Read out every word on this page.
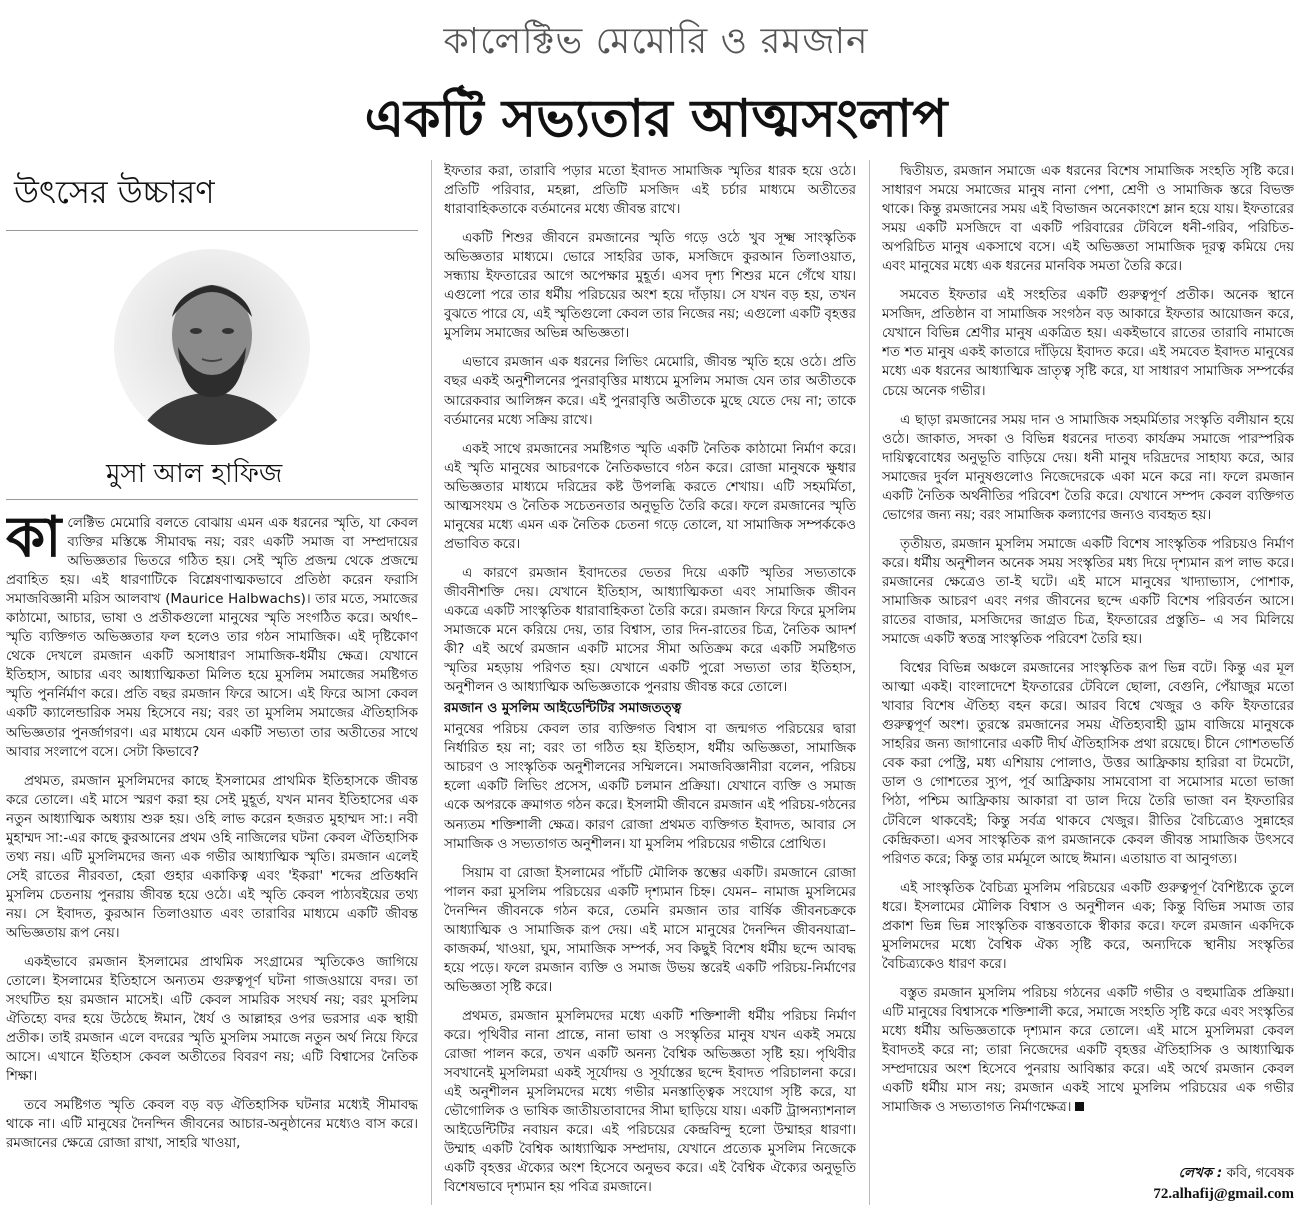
কালেক্টিভ মেমোরি ও রমজান
একটি সভ্যতার আত্মসংলাপ
উৎসের উচ্চারণ
মুসা আল হাফিজ

কালেক্টিভ মেমোরি বলতে বোঝায় এমন এক ধরনের স্মৃতি, যা কেবল ব্যক্তির মস্তিষ্কে সীমাবদ্ধ নয়; বরং একটি সমাজ বা সম্প্রদায়ের অভিজ্ঞতার ভিতরে গঠিত হয়। সেই স্মৃতি প্রজন্ম থেকে প্রজন্মে প্রবাহিত হয়। এই ধারণাটিকে বিশ্লেষণাত্মকভাবে প্রতিষ্ঠা করেন ফরাসি সমাজবিজ্ঞানী মরিস আলবাখ (Maurice Halbwachs)। তার মতে, সমাজের কাঠামো, আচার, ভাষা ও প্রতীকগুলো মানুষের স্মৃতি সংগঠিত করে। অর্থাৎ– স্মৃতি ব্যক্তিগত অভিজ্ঞতার ফল হলেও তার গঠন সামাজিক। এই দৃষ্টিকোণ থেকে দেখলে রমজান একটি অসাধারণ সামাজিক-ধর্মীয় ক্ষেত্র। যেখানে ইতিহাস, আচার এবং আধ্যাত্মিকতা মিলিত হয়ে মুসলিম সমাজের সমষ্টিগত স্মৃতি পুনর্নির্মাণ করে। প্রতি বছর রমজান ফিরে আসে। এই ফিরে আসা কেবল একটি ক্যালেন্ডারিক সময় হিসেবে নয়; বরং তা মুসলিম সমাজের ঐতিহাসিক অভিজ্ঞতার পুনর্জাগরণ। এর মাধ্যমে যেন একটি সভ্যতা তার অতীতের সাথে আবার সংলাপে বসে। সেটা কিভাবে?

প্রথমত, রমজান মুসলিমদের কাছে ইসলামের প্রাথমিক ইতিহাসকে জীবন্ত করে তোলে। এই মাসে স্মরণ করা হয় সেই মুহূর্ত, যখন মানব ইতিহাসের এক নতুন আধ্যাত্মিক অধ্যায় শুরু হয়। ওহি লাভ করেন হজরত মুহাম্মদ সা:। নবী মুহাম্মদ সা:-এর কাছে কুরআনের প্রথম ওহি নাজিলের ঘটনা কেবল ঐতিহাসিক তথ্য নয়। এটি মুসলিমদের জন্য এক গভীর আধ্যাত্মিক স্মৃতি। রমজান এলেই সেই রাতের নীরবতা, হেরা গুহার একাকিত্ব এবং 'ইকরা' শব্দের প্রতিধ্বনি মুসলিম চেতনায় পুনরায় জীবন্ত হয়ে ওঠে। এই স্মৃতি কেবল পাঠ্যবইয়ের তথ্য নয়। সে ইবাদত, কুরআন তিলাওয়াত এবং তারাবির মাধ্যমে একটি জীবন্ত অভিজ্ঞতায় রূপ নেয়।

একইভাবে রমজান ইসলামের প্রাথমিক সংগ্রামের স্মৃতিকেও জাগিয়ে তোলে। ইসলামের ইতিহাসে অন্যতম গুরুত্বপূর্ণ ঘটনা গাজওয়ায়ে বদর। তা সংঘটিত হয় রমজান মাসেই। এটি কেবল সামরিক সংঘর্ষ নয়; বরং মুসলিম ঐতিহ্যে বদর হয়ে উঠেছে ঈমান, ধৈর্য ও আল্লাহর ওপর ভরসার এক স্থায়ী প্রতীক। তাই রমজান এলে বদরের স্মৃতি মুসলিম সমাজে নতুন অর্থ নিয়ে ফিরে আসে। এখানে ইতিহাস কেবল অতীতের বিবরণ নয়; এটি বিশ্বাসের নৈতিক শিক্ষা।

তবে সমষ্টিগত স্মৃতি কেবল বড় বড় ঐতিহাসিক ঘটনার মধ্যেই সীমাবদ্ধ থাকে না। এটি মানুষের দৈনন্দিন জীবনের আচার-অনুষ্ঠানের মধ্যেও বাস করে। রমজানের ক্ষেত্রে রোজা রাখা, সাহরি খাওয়া,

ইফতার করা, তারাবি পড়ার মতো ইবাদত সামাজিক স্মৃতির ধারক হয়ে ওঠে। প্রতিটি পরিবার, মহল্লা, প্রতিটি মসজিদ এই চর্চার মাধ্যমে অতীতের ধারাবাহিকতাকে বর্তমানের মধ্যে জীবন্ত রাখে।

একটি শিশুর জীবনে রমজানের স্মৃতি গড়ে ওঠে খুব সূক্ষ্ম সাংস্কৃতিক অভিজ্ঞতার মাধ্যমে। ভোরে সাহরির ডাক, মসজিদে কুরআন তিলাওয়াত, সন্ধ্যায় ইফতারের আগে অপেক্ষার মুহূর্ত। এসব দৃশ্য শিশুর মনে গেঁথে যায়। এগুলো পরে তার ধর্মীয় পরিচয়ের অংশ হয়ে দাঁড়ায়। সে যখন বড় হয়, তখন বুঝতে পারে যে, এই স্মৃতিগুলো কেবল তার নিজের নয়; এগুলো একটি বৃহত্তর মুসলিম সমাজের অভিন্ন অভিজ্ঞতা।

এভাবে রমজান এক ধরনের লিভিং মেমোরি, জীবন্ত স্মৃতি হয়ে ওঠে। প্রতি বছর একই অনুশীলনের পুনরাবৃত্তির মাধ্যমে মুসলিম সমাজ যেন তার অতীতকে আরেকবার আলিঙ্গন করে। এই পুনরাবৃত্তি অতীতকে মুছে যেতে দেয় না; তাকে বর্তমানের মধ্যে সক্রিয় রাখে।

একই সাথে রমজানের সমষ্টিগত স্মৃতি একটি নৈতিক কাঠামো নির্মাণ করে। এই স্মৃতি মানুষের আচরণকে নৈতিকভাবে গঠন করে। রোজা মানুষকে ক্ষুধার অভিজ্ঞতার মাধ্যমে দরিদ্রের কষ্ট উপলব্ধি করতে শেখায়। এটি সহমর্মিতা, আত্মসংযম ও নৈতিক সচেতনতার অনুভূতি তৈরি করে। ফলে রমজানের স্মৃতি মানুষের মধ্যে এমন এক নৈতিক চেতনা গড়ে তোলে, যা সামাজিক সম্পর্ককেও প্রভাবিত করে।

এ কারণে রমজান ইবাদতের ভেতর দিয়ে একটি স্মৃতির সভ্যতাকে জীবনীশক্তি দেয়। যেখানে ইতিহাস, আধ্যাত্মিকতা এবং সামাজিক জীবন একত্রে একটি সাংস্কৃতিক ধারাবাহিকতা তৈরি করে। রমজান ফিরে ফিরে মুসলিম সমাজকে মনে করিয়ে দেয়, তার বিশ্বাস, তার দিন-রাতের চিত্র, নৈতিক আদর্শ কী? এই অর্থে রমজান একটি মাসের সীমা অতিক্রম করে একটি সমষ্টিগত স্মৃতির মহড়ায় পরিণত হয়। যেখানে একটি পুরো সভ্যতা তার ইতিহাস, অনুশীলন ও আধ্যাত্মিক অভিজ্ঞতাকে পুনরায় জীবন্ত করে তোলে।

রমজান ও মুসলিম আইডেন্টিটির সমাজতত্ত্ব

মানুষের পরিচয় কেবল তার ব্যক্তিগত বিশ্বাস বা জন্মগত পরিচয়ের দ্বারা নির্ধারিত হয় না; বরং তা গঠিত হয় ইতিহাস, ধর্মীয় অভিজ্ঞতা, সামাজিক আচরণ ও সাংস্কৃতিক অনুশীলনের সম্মিলনে। সমাজবিজ্ঞানীরা বলেন, পরিচয় হলো একটি লিভিং প্রসেস, একটি চলমান প্রক্রিয়া। যেখানে ব্যক্তি ও সমাজ একে অপরকে ক্রমাগত গঠন করে। ইসলামী জীবনে রমজান এই পরিচয়-গঠনের অন্যতম শক্তিশালী ক্ষেত্র। কারণ রোজা প্রথমত ব্যক্তিগত ইবাদত, আবার সে সামাজিক ও সভ্যতাগত অনুশীলন। যা মুসলিম পরিচয়ের গভীরে প্রোথিত।

সিয়াম বা রোজা ইসলামের পাঁচটি মৌলিক স্তম্ভের একটি। রমজানে রোজা পালন করা মুসলিম পরিচয়ের একটি দৃশ্যমান চিহ্ন। যেমন– নামাজ মুসলিমের দৈনন্দিন জীবনকে গঠন করে, তেমনি রমজান তার বার্ষিক জীবনচক্রকে আধ্যাত্মিক ও সামাজিক রূপ দেয়। এই মাসে মানুষের দৈনন্দিন জীবনযাত্রা– কাজকর্ম, খাওয়া, ঘুম, সামাজিক সম্পর্ক, সব কিছুই বিশেষ ধর্মীয় ছন্দে আবদ্ধ হয়ে পড়ে। ফলে রমজান ব্যক্তি ও সমাজ উভয় স্তরেই একটি পরিচয়-নির্মাণের অভিজ্ঞতা সৃষ্টি করে।

প্রথমত, রমজান মুসলিমদের মধ্যে একটি শক্তিশালী ধর্মীয় পরিচয় নির্মাণ করে। পৃথিবীর নানা প্রান্তে, নানা ভাষা ও সংস্কৃতির মানুষ যখন একই সময়ে রোজা পালন করে, তখন একটি অনন্য বৈশ্বিক অভিজ্ঞতা সৃষ্টি হয়। পৃথিবীর সবখানেই মুসলিমরা একই সূর্যোদয় ও সূর্যাস্তের ছন্দে ইবাদত পরিচালনা করে। এই অনুশীলন মুসলিমদের মধ্যে গভীর মনস্তাত্ত্বিক সংযোগ সৃষ্টি করে, যা ভৌগোলিক ও ভাষিক জাতীয়তাবাদের সীমা ছাড়িয়ে যায়। একটি ট্রান্সন্যাশনাল আইডেন্টিটির নবায়ন করে। এই পরিচয়ের কেন্দ্রবিন্দু হলো উম্মাহর ধারণা। উম্মাহ একটি বৈশ্বিক আধ্যাত্মিক সম্প্রদায়, যেখানে প্রত্যেক মুসলিম নিজেকে একটি বৃহত্তর ঐক্যের অংশ হিসেবে অনুভব করে। এই বৈশ্বিক ঐক্যের অনুভূতি বিশেষভাবে দৃশ্যমান হয় পবিত্র রমজানে।

দ্বিতীয়ত, রমজান সমাজে এক ধরনের বিশেষ সামাজিক সংহতি সৃষ্টি করে। সাধারণ সময়ে সমাজের মানুষ নানা পেশা, শ্রেণী ও সামাজিক স্তরে বিভক্ত থাকে। কিন্তু রমজানের সময় এই বিভাজন অনেকাংশে ম্লান হয়ে যায়। ইফতারের সময় একটি মসজিদে বা একটি পরিবারের টেবিলে ধনী-গরিব, পরিচিত-অপরিচিত মানুষ একসাথে বসে। এই অভিজ্ঞতা সামাজিক দূরত্ব কমিয়ে দেয় এবং মানুষের মধ্যে এক ধরনের মানবিক সমতা তৈরি করে।

সমবেত ইফতার এই সংহতির একটি গুরুত্বপূর্ণ প্রতীক। অনেক স্থানে মসজিদ, প্রতিষ্ঠান বা সামাজিক সংগঠন বড় আকারে ইফতার আয়োজন করে, যেখানে বিভিন্ন শ্রেণীর মানুষ একত্রিত হয়। একইভাবে রাতের তারাবি নামাজে শত শত মানুষ একই কাতারে দাঁড়িয়ে ইবাদত করে। এই সমবেত ইবাদত মানুষের মধ্যে এক ধরনের আধ্যাত্মিক ভ্রাতৃত্ব সৃষ্টি করে, যা সাধারণ সামাজিক সম্পর্কের চেয়ে অনেক গভীর।

এ ছাড়া রমজানের সময় দান ও সামাজিক সহমর্মিতার সংস্কৃতি বলীয়ান হয়ে ওঠে। জাকাত, সদকা ও বিভিন্ন ধরনের দাতব্য কার্যক্রম সমাজে পারস্পরিক দায়িত্ববোধের অনুভূতি বাড়িয়ে দেয়। ধনী মানুষ দরিদ্রদের সাহায্য করে, আর সমাজের দুর্বল মানুষগুলোও নিজেদেরকে একা মনে করে না। ফলে রমজান একটি নৈতিক অর্থনীতির পরিবেশ তৈরি করে। যেখানে সম্পদ কেবল ব্যক্তিগত ভোগের জন্য নয়; বরং সামাজিক কল্যাণের জন্যও ব্যবহৃত হয়।

তৃতীয়ত, রমজান মুসলিম সমাজে একটি বিশেষ সাংস্কৃতিক পরিচয়ও নির্মাণ করে। ধর্মীয় অনুশীলন অনেক সময় সংস্কৃতির মধ্য দিয়ে দৃশ্যমান রূপ লাভ করে। রমজানের ক্ষেত্রেও তা-ই ঘটে। এই মাসে মানুষের খাদ্যাভ্যাস, পোশাক, সামাজিক আচরণ এবং নগর জীবনের ছন্দে একটি বিশেষ পরিবর্তন আসে। রাতের বাজার, মসজিদের জাগ্রত চিত্র, ইফতারের প্রস্তুতি– এ সব মিলিয়ে সমাজে একটি স্বতন্ত্র সাংস্কৃতিক পরিবেশ তৈরি হয়।

বিশ্বের বিভিন্ন অঞ্চলে রমজানের সাংস্কৃতিক রূপ ভিন্ন বটে। কিন্তু এর মূল আত্মা একই। বাংলাদেশে ইফতারের টেবিলে ছোলা, বেগুনি, পেঁয়াজুর মতো খাবার বিশেষ ঐতিহ্য বহন করে। আরব বিশ্বে খেজুর ও কফি ইফতারের গুরুত্বপূর্ণ অংশ। তুরস্কে রমজানের সময় ঐতিহ্যবাহী ড্রাম বাজিয়ে মানুষকে সাহরির জন্য জাগানোর একটি দীর্ঘ ঐতিহাসিক প্রথা রয়েছে। চীনে গোশতভর্তি বেক করা পেস্ট্রি, মধ্য এশিয়ায় পোলাও, উত্তর আফ্রিকায় হারিরা বা টমেটো, ডাল ও গোশতের স্যুপ, পূর্ব আফ্রিকায় সামবোসা বা সমোসার মতো ভাজা পিঠা, পশ্চিম আফ্রিকায় আকারা বা ডাল দিয়ে তৈরি ভাজা বন ইফতারির টেবিলে থাকবেই; কিন্তু সর্বত্র থাকবে খেজুর। রীতির বৈচিত্র্যেও সুন্নাহের কেন্দ্রিকতা। এসব সাংস্কৃতিক রূপ রমজানকে কেবল জীবন্ত সামাজিক উৎসবে পরিণত করে; কিন্তু তার মর্মমূলে আছে ঈমান। এতায়াত বা আনুগত্য।

এই সাংস্কৃতিক বৈচিত্র্য মুসলিম পরিচয়ের একটি গুরুত্বপূর্ণ বৈশিষ্ট্যকে তুলে ধরে। ইসলামের মৌলিক বিশ্বাস ও অনুশীলন এক; কিন্তু বিভিন্ন সমাজ তার প্রকাশ ভিন্ন ভিন্ন সাংস্কৃতিক বাস্তবতাকে স্বীকার করে। ফলে রমজান একদিকে মুসলিমদের মধ্যে বৈশ্বিক ঐক্য সৃষ্টি করে, অন্যদিকে স্থানীয় সংস্কৃতির বৈচিত্র্যকেও ধারণ করে।

বস্তুত রমজান মুসলিম পরিচয় গঠনের একটি গভীর ও বহুমাত্রিক প্রক্রিয়া। এটি মানুষের বিশ্বাসকে শক্তিশালী করে, সমাজে সংহতি সৃষ্টি করে এবং সংস্কৃতির মধ্যে ধর্মীয় অভিজ্ঞতাকে দৃশ্যমান করে তোলে। এই মাসে মুসলিমরা কেবল ইবাদতই করে না; তারা নিজেদের একটি বৃহত্তর ঐতিহাসিক ও আধ্যাত্মিক সম্প্রদায়ের অংশ হিসেবে পুনরায় আবিষ্কার করে। এই অর্থে রমজান কেবল একটি ধর্মীয় মাস নয়; রমজান একই সাথে মুসলিম পরিচয়ের এক গভীর সামাজিক ও সভ্যতাগত নির্মাণক্ষেত্র।

লেখক : কবি, গবেষক
72.alhafij@gmail.com
